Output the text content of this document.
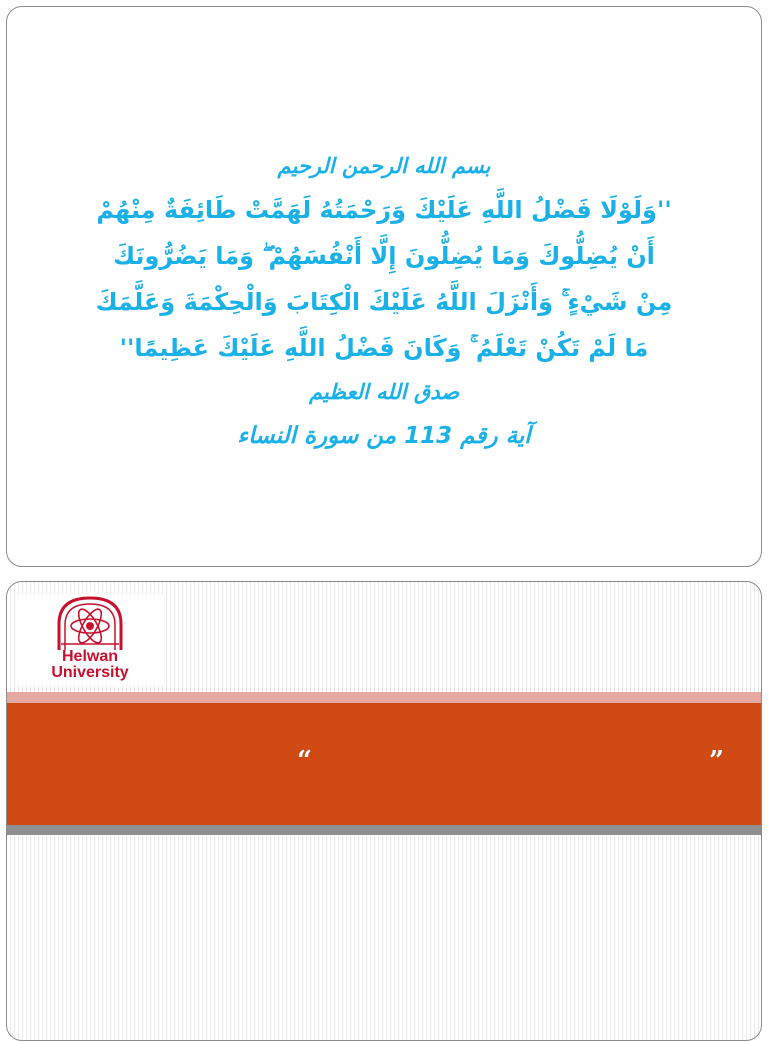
بسم الله الرحمن الرحيم
''وَلَوْلَا فَضْلُ اللَّهِ عَلَيْكَ وَرَحْمَتُهُ لَهَمَّتْ طَائِفَةٌ مِنْهُمْ
أَنْ يُضِلُّوكَ وَمَا يُضِلُّونَ إِلَّا أَنْفُسَهُمْ ۖ وَمَا يَضُرُّونَكَ
مِنْ شَيْءٍ ۚ وَأَنْزَلَ اللَّهُ عَلَيْكَ الْكِتَابَ وَالْحِكْمَةَ وَعَلَّمَكَ
مَا لَمْ تَكُنْ تَعْلَمُ ۚ وَكَانَ فَضْلُ اللَّهِ عَلَيْكَ عَظِيمًا''
صدق الله العظيم
آية رقم 113 من سورة النساء
Helwan
University
“	”
